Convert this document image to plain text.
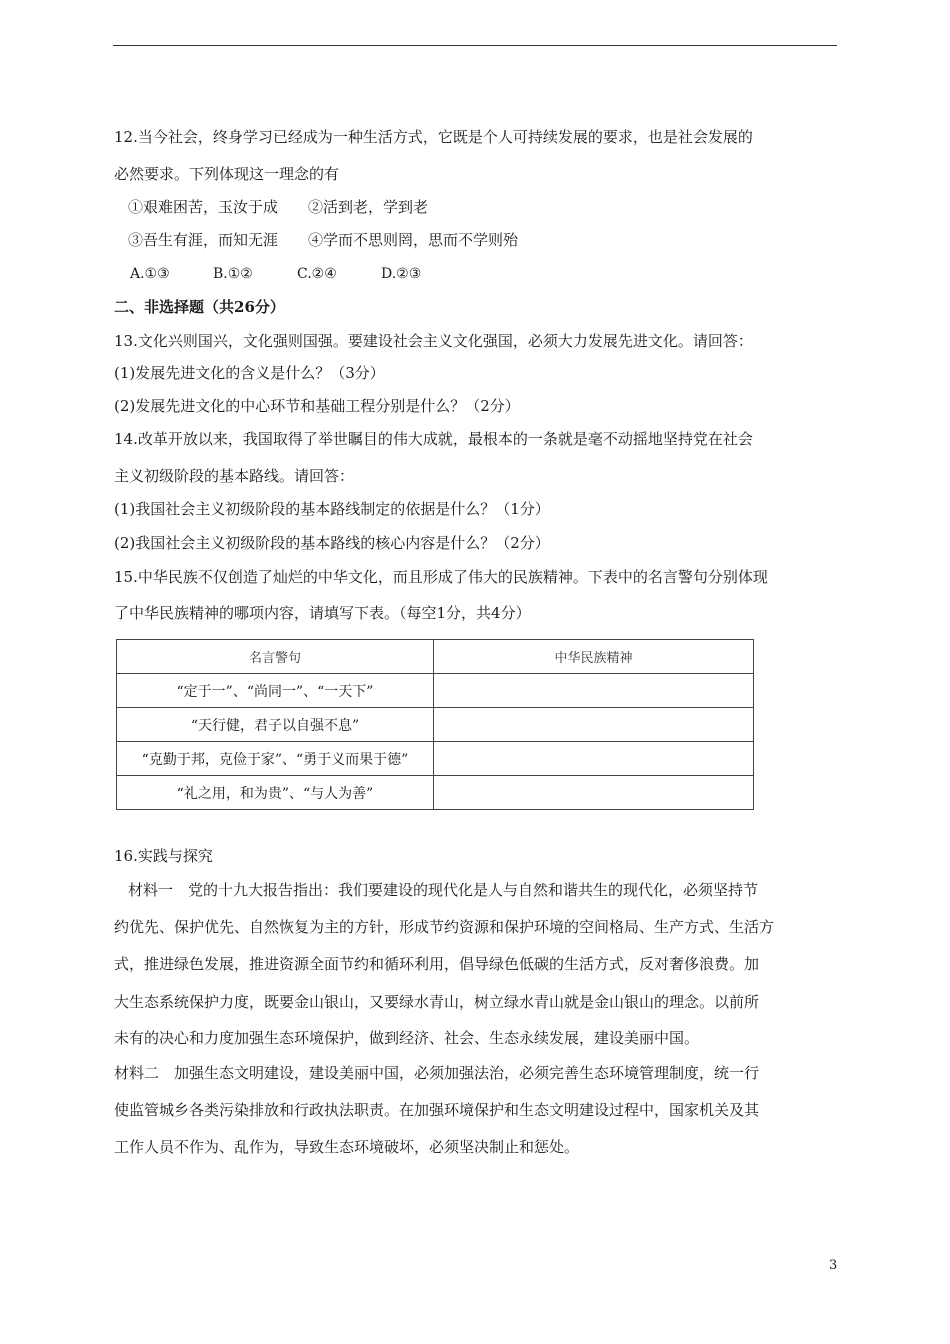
12.当今社会，终身学习已经成为一种生活方式，它既是个人可持续发展的要求，也是社会发展的
必然要求。下列体现这一理念的有
①艰难困苦，玉汝于成 ②活到老，学到老
③吾生有涯，而知无涯 ④学而不思则罔，思而不学则殆
A.①③	B.①②	C.②④	D.②③
二、非选择题（共26分）
13.文化兴则国兴，文化强则国强。要建设社会主义文化强国，必须大力发展先进文化。请回答：
(1)发展先进文化的含义是什么？（3分）
(2)发展先进文化的中心环节和基础工程分别是什么？（2分）
14.改革开放以来，我国取得了举世瞩目的伟大成就，最根本的一条就是毫不动摇地坚持党在社会
主义初级阶段的基本路线。请回答：
(1)我国社会主义初级阶段的基本路线制定的依据是什么？（1分）
(2)我国社会主义初级阶段的基本路线的核心内容是什么？（2分）
15.中华民族不仅创造了灿烂的中华文化，而且形成了伟大的民族精神。下表中的名言警句分别体现
了中华民族精神的哪项内容，请填写下表。（每空1分，共4分）
名言警句	中华民族精神
“定于一”、“尚同一”、“一天下”	
“天行健，君子以自强不息”	
“克勤于邦，克俭于家”、“勇于义而果于德”	
“礼之用，和为贵”、“与人为善”	
16.实践与探究
材料一　党的十九大报告指出：我们要建设的现代化是人与自然和谐共生的现代化，必须坚持节
约优先、保护优先、自然恢复为主的方针，形成节约资源和保护环境的空间格局、生产方式、生活方
式，推进绿色发展，推进资源全面节约和循环利用，倡导绿色低碳的生活方式，反对奢侈浪费。加
大生态系统保护力度，既要金山银山，又要绿水青山，树立绿水青山就是金山银山的理念。以前所
未有的决心和力度加强生态环境保护，做到经济、社会、生态永续发展，建设美丽中国。
材料二　加强生态文明建设，建设美丽中国，必须加强法治，必须完善生态环境管理制度，统一行
使监管城乡各类污染排放和行政执法职责。在加强环境保护和生态文明建设过程中，国家机关及其
工作人员不作为、乱作为，导致生态环境破坏，必须坚决制止和惩处。
3
